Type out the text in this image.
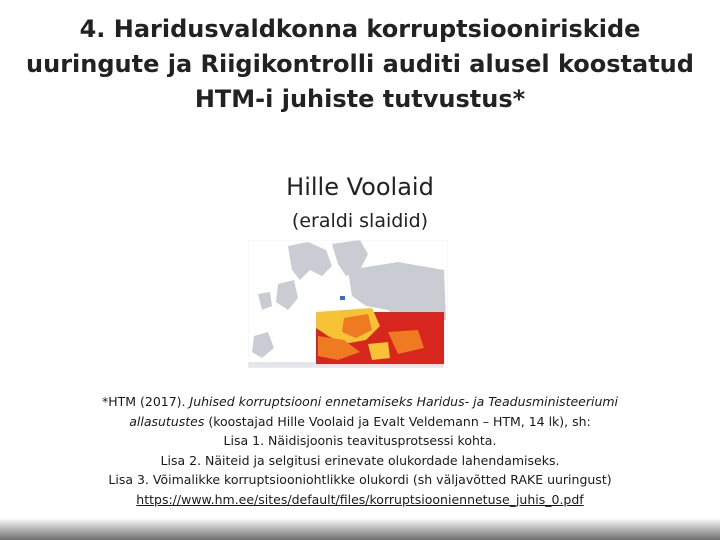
4. Haridusvaldkonna korruptsiooniriskide
uuringute ja Riigikontrolli auditi alusel koostatud
HTM-i juhiste tutvustus*
Hille Voolaid
(eraldi slaidid)
*HTM (2017). Juhised korruptsiooni ennetamiseks Haridus- ja Teadusministeeriumi
allasutustes (koostajad Hille Voolaid ja Evalt Veldemann – HTM, 14 lk), sh:
Lisa 1. Näidisjoonis teavitusprotsessi kohta.
Lisa 2. Näiteid ja selgitusi erinevate olukordade lahendamiseks.
Lisa 3. Võimalikke korruptsiooniohtlikke olukordi (sh väljavõtted RAKE uuringust)
https://www.hm.ee/sites/default/files/korruptsiooniennetuse_juhis_0.pdf
